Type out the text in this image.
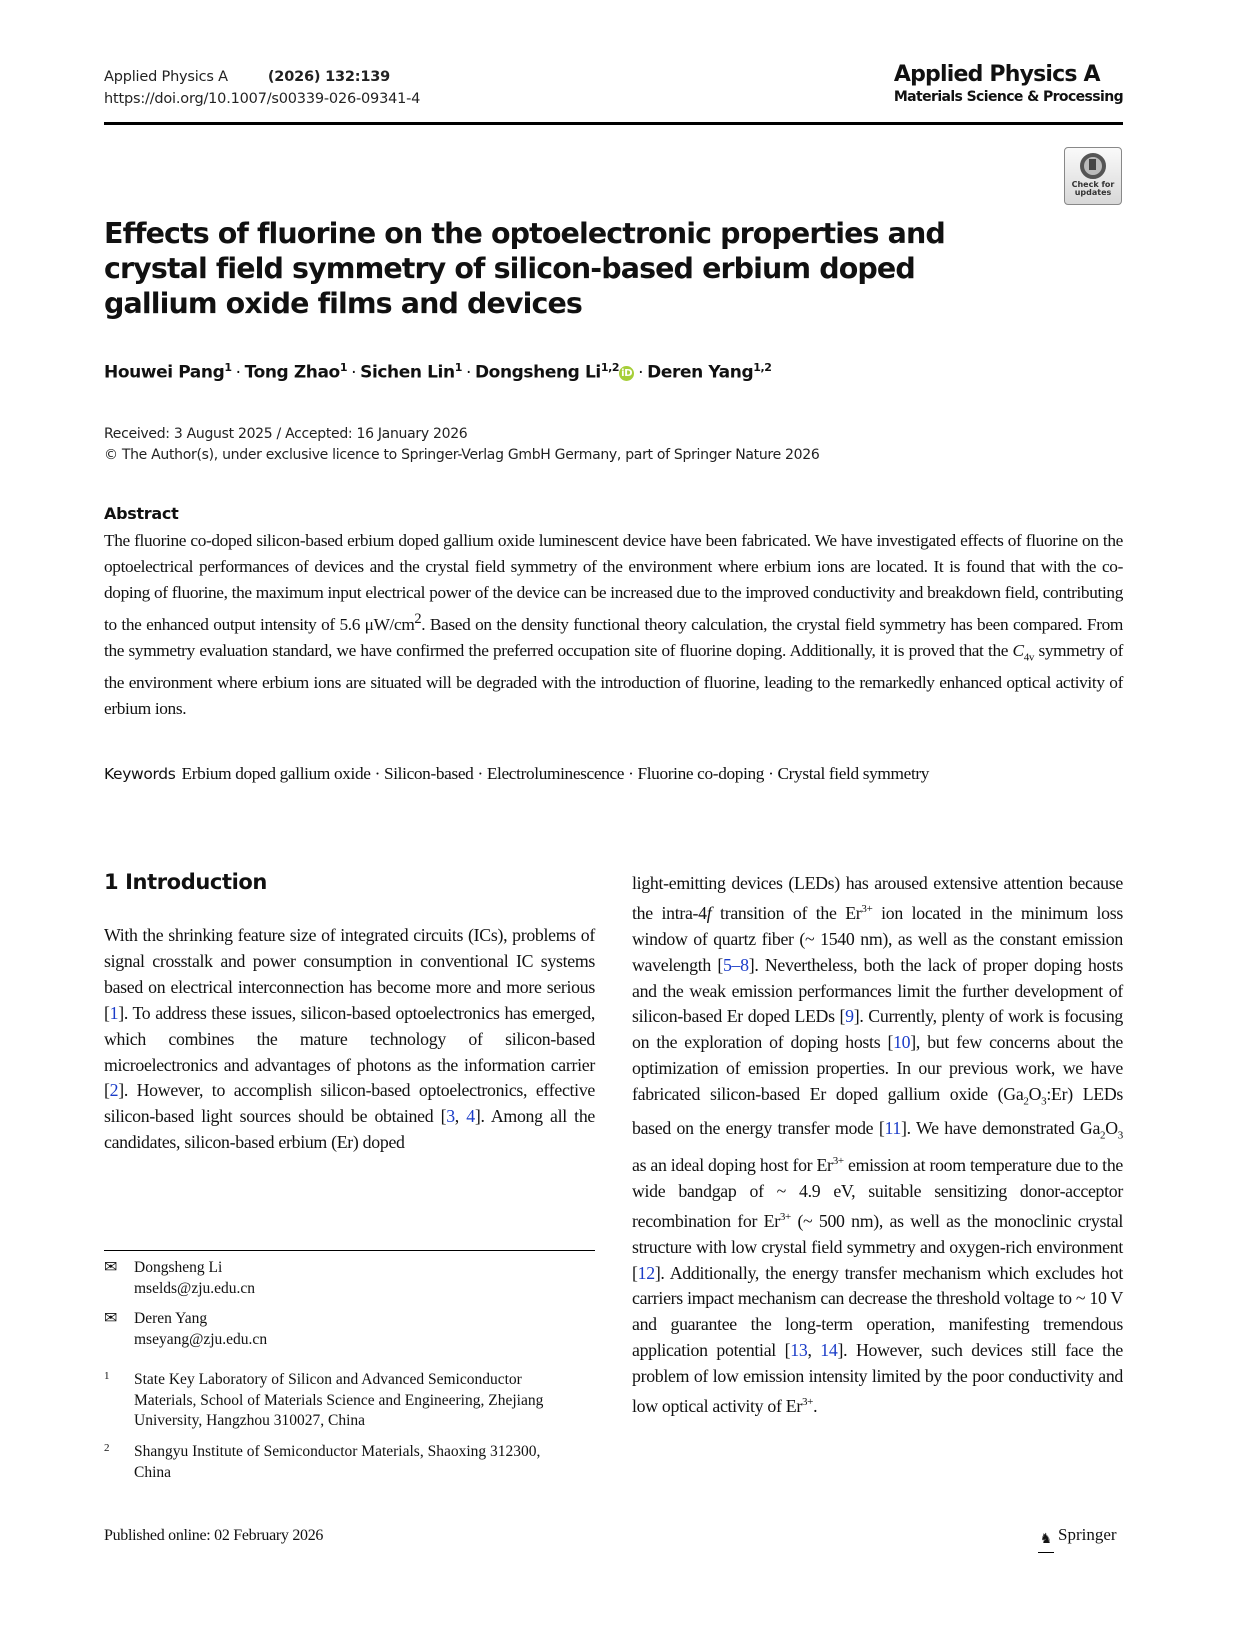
Applied Physics A	(2026) 132:139
https://doi.org/10.1007/s00339-026-09341-4
Applied Physics A
Materials Science & Processing
Check for
updates
Effects of fluorine on the optoelectronic properties and crystal field symmetry of silicon-based erbium doped gallium oxide films and devices
Houwei Pang$^1$ · Tong Zhao$^1$ · Sichen Lin$^1$ · Dongsheng Li$^{1,2}$ iD · Deren Yang$^{1,2}$
Received: 3 August 2025 / Accepted: 16 January 2026
© The Author(s), under exclusive licence to Springer-Verlag GmbH Germany, part of Springer Nature 2026
Abstract
The fluorine co-doped silicon-based erbium doped gallium oxide luminescent device have been fabricated. We have investigated effects of fluorine on the optoelectrical performances of devices and the crystal field symmetry of the environment where erbium ions are located. It is found that with the co-doping of fluorine, the maximum input electrical power of the device can be increased due to the improved conductivity and breakdown field, contributing to the enhanced output intensity of 5.6 $\mu W/cm^2$. Based on the density functional theory calculation, the crystal field symmetry has been compared. From the symmetry evaluation standard, we have confirmed the preferred occupation site of fluorine doping. Additionally, it is proved that the $C_{4v}$ symmetry of the environment where erbium ions are situated will be degraded with the introduction of fluorine, leading to the remarkedly enhanced optical activity of erbium ions.
Keywords Erbium doped gallium oxide · Silicon-based · Electroluminescence · Fluorine co-doping · Crystal field symmetry
1 Introduction
With the shrinking feature size of integrated circuits (ICs), problems of signal crosstalk and power consumption in conventional IC systems based on electrical interconnection has become more and more serious [1]. To address these issues, silicon-based optoelectronics has emerged, which combines the mature technology of silicon-based microelectronics and advantages of photons as the information carrier [2]. However, to accomplish silicon-based optoelectronics, effective silicon-based light sources should be obtained [3, 4]. Among all the candidates, silicon-based erbium (Er) doped
light-emitting devices (LEDs) has aroused extensive attention because the intra-4f transition of the $Er^{3+}$ ion located in the minimum loss window of quartz fiber (~ 1540 nm), as well as the constant emission wavelength [5–8]. Nevertheless, both the lack of proper doping hosts and the weak emission performances limit the further development of silicon-based Er doped LEDs [9]. Currently, plenty of work is focusing on the exploration of doping hosts [10], but few concerns about the optimization of emission properties. In our previous work, we have fabricated silicon-based Er doped gallium oxide $(Ga_2O_3:Er)$ LEDs based on the energy transfer mode [11]. We have demonstrated $Ga_2O_3$ as an ideal doping host for $Er^{3+}$ emission at room temperature due to the wide bandgap of ~ 4.9 eV, suitable sensitizing donor-acceptor recombination for $Er^{3+}$ (~ 500 nm), as well as the monoclinic crystal structure with low crystal field symmetry and oxygen-rich environment [12]. Additionally, the energy transfer mechanism which excludes hot carriers impact mechanism can decrease the threshold voltage to ~ 10 V and guarantee the long-term operation, manifesting tremendous application potential [13, 14]. However, such devices still face the problem of low emission intensity limited by the poor conductivity and low optical activity of $Er^{3+}$.
✉ Dongsheng Li
mselds@zju.edu.cn
✉ Deren Yang
mseyang@zju.edu.cn
1 State Key Laboratory of Silicon and Advanced Semiconductor Materials, School of Materials Science and Engineering, Zhejiang University, Hangzhou 310027, China
2 Shangyu Institute of Semiconductor Materials, Shaoxing 312300, China
Published online: 02 February 2026	♞ Springer
